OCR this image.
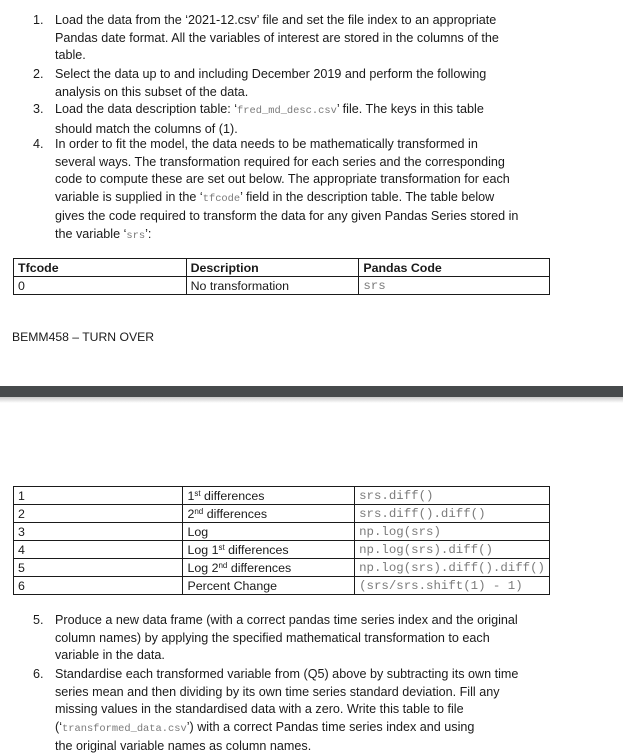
1. Load the data from the ‘2021-12.csv’ file and set the file index to an appropriate
Pandas date format. All the variables of interest are stored in the columns of the
table.
2. Select the data up to and including December 2019 and perform the following
analysis on this subset of the data.
3. Load the data description table: ‘fred_md_desc.csv’ file. The keys in this table
should match the columns of (1).
4. In order to fit the model, the data needs to be mathematically transformed in
several ways. The transformation required for each series and the corresponding
code to compute these are set out below. The appropriate transformation for each
variable is supplied in the ‘tfcode’ field in the description table. The table below
gives the code required to transform the data for any given Pandas Series stored in
the variable ‘srs’:
Tfcode	Description	Pandas Code
0	No transformation	srs
BEMM458 – TURN OVER
1	1st differences	srs.diff()
2	2nd differences	srs.diff().diff()
3	Log	np.log(srs)
4	Log 1st differences	np.log(srs).diff()
5	Log 2nd differences	np.log(srs).diff().diff()
6	Percent Change	(srs/srs.shift(1) - 1)
5. Produce a new data frame (with a correct pandas time series index and the original
column names) by applying the specified mathematical transformation to each
variable in the data.
6. Standardise each transformed variable from (Q5) above by subtracting its own time
series mean and then dividing by its own time series standard deviation. Fill any
missing values in the standardised data with a zero. Write this table to file
(‘transformed_data.csv’) with a correct Pandas time series index and using
the original variable names as column names.
